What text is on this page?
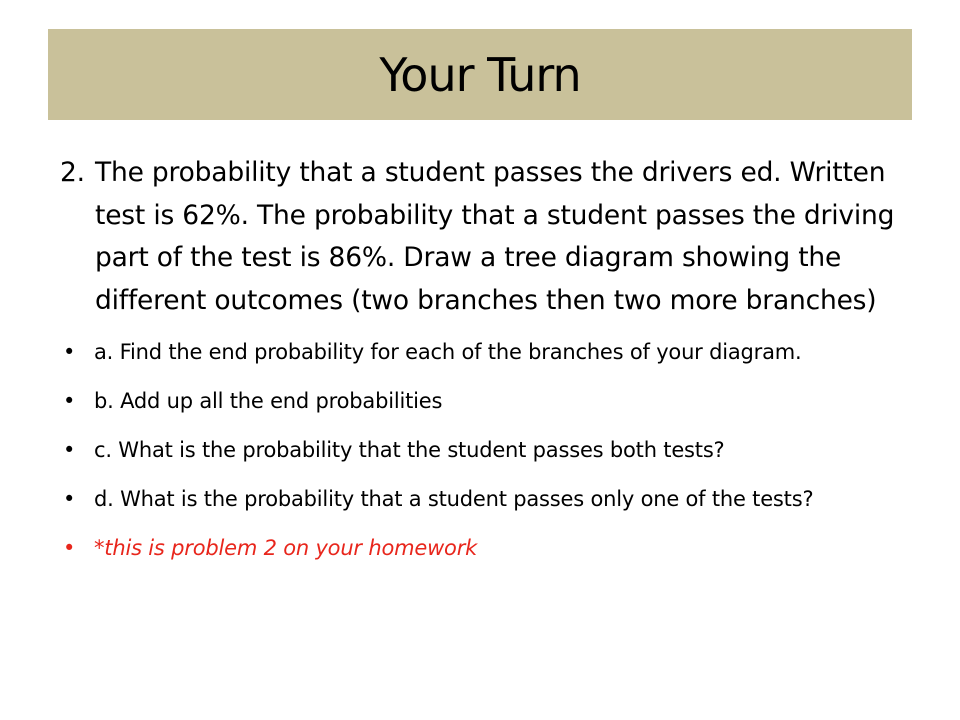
Your Turn
2. The probability that a student passes the drivers ed. Written test is 62%. The probability that a student passes the driving part of the test is 86%. Draw a tree diagram showing the different outcomes (two branches then two more branches)
• a. Find the end probability for each of the branches of your diagram.
• b. Add up all the end probabilities
• c. What is the probability that the student passes both tests?
• d. What is the probability that a student passes only one of the tests?
• *this is problem 2 on your homework
